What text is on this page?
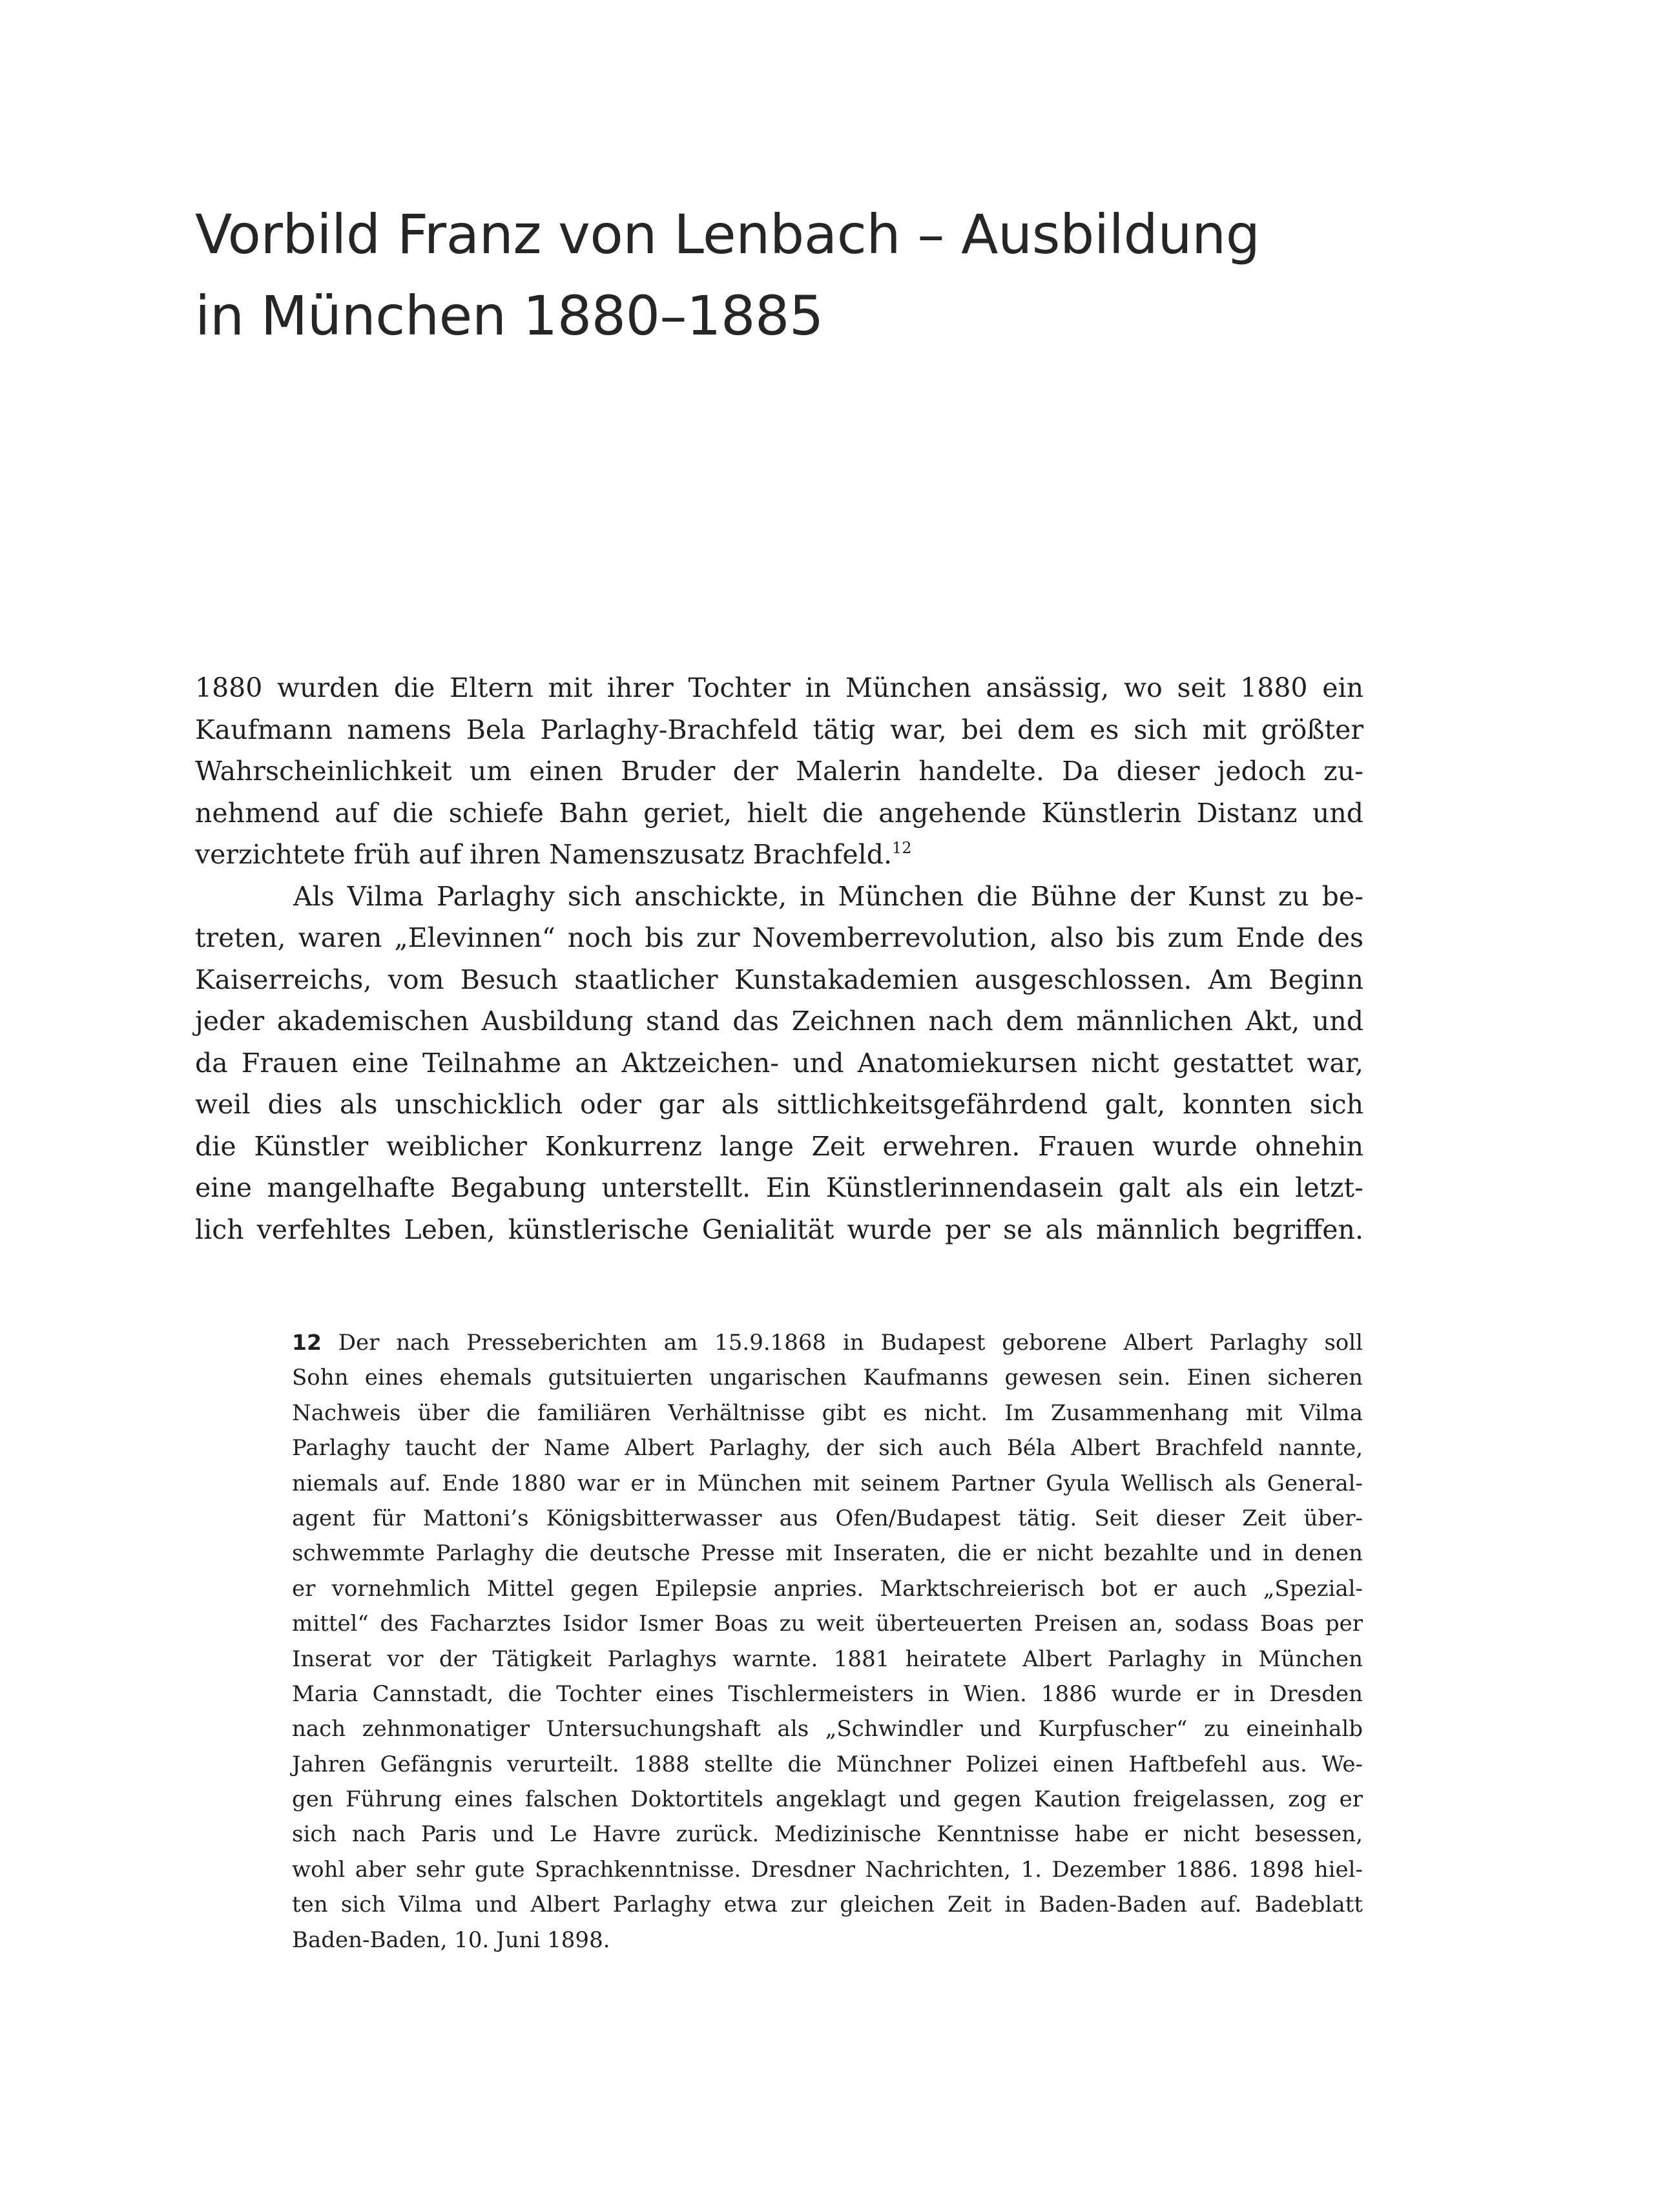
Vorbild Franz von Lenbach – Ausbildung
in München 1880–1885
1880 wurden die Eltern mit ihrer Tochter in München ansässig, wo seit 1880 ein
Kaufmann namens Bela Parlaghy-Brachfeld tätig war, bei dem es sich mit größter
Wahrscheinlichkeit um einen Bruder der Malerin handelte. Da dieser jedoch zu-
nehmend auf die schiefe Bahn geriet, hielt die angehende Künstlerin Distanz und
verzichtete früh auf ihren Namenszusatz Brachfeld.$^{12}$
Als Vilma Parlaghy sich anschickte, in München die Bühne der Kunst zu be-
treten, waren „Elevinnen“ noch bis zur Novemberrevolution, also bis zum Ende des
Kaiserreichs, vom Besuch staatlicher Kunstakademien ausgeschlossen. Am Beginn
jeder akademischen Ausbildung stand das Zeichnen nach dem männlichen Akt, und
da Frauen eine Teilnahme an Aktzeichen- und Anatomiekursen nicht gestattet war,
weil dies als unschicklich oder gar als sittlichkeitsgefährdend galt, konnten sich
die Künstler weiblicher Konkurrenz lange Zeit erwehren. Frauen wurde ohnehin
eine mangelhafte Begabung unterstellt. Ein Künstlerinnendasein galt als ein letzt-
lich verfehltes Leben, künstlerische Genialität wurde per se als männlich begriffen.
12 Der nach Presseberichten am 15.9.1868 in Budapest geborene Albert Parlaghy soll
Sohn eines ehemals gutsituierten ungarischen Kaufmanns gewesen sein. Einen sicheren
Nachweis über die familiären Verhältnisse gibt es nicht. Im Zusammenhang mit Vilma
Parlaghy taucht der Name Albert Parlaghy, der sich auch Béla Albert Brachfeld nannte,
niemals auf. Ende 1880 war er in München mit seinem Partner Gyula Wellisch als General-
agent für Mattoni’s Königsbitterwasser aus Ofen/Budapest tätig. Seit dieser Zeit über-
schwemmte Parlaghy die deutsche Presse mit Inseraten, die er nicht bezahlte und in denen
er vornehmlich Mittel gegen Epilepsie anpries. Marktschreierisch bot er auch „Spezial-
mittel“ des Facharztes Isidor Ismer Boas zu weit überteuerten Preisen an, sodass Boas per
Inserat vor der Tätigkeit Parlaghys warnte. 1881 heiratete Albert Parlaghy in München
Maria Cannstadt, die Tochter eines Tischlermeisters in Wien. 1886 wurde er in Dresden
nach zehnmonatiger Untersuchungshaft als „Schwindler und Kurpfuscher“ zu eineinhalb
Jahren Gefängnis verurteilt. 1888 stellte die Münchner Polizei einen Haftbefehl aus. We-
gen Führung eines falschen Doktortitels angeklagt und gegen Kaution freigelassen, zog er
sich nach Paris und Le Havre zurück. Medizinische Kenntnisse habe er nicht besessen,
wohl aber sehr gute Sprachkenntnisse. Dresdner Nachrichten, 1. Dezember 1886. 1898 hiel-
ten sich Vilma und Albert Parlaghy etwa zur gleichen Zeit in Baden-Baden auf. Badeblatt
Baden-Baden, 10. Juni 1898.
